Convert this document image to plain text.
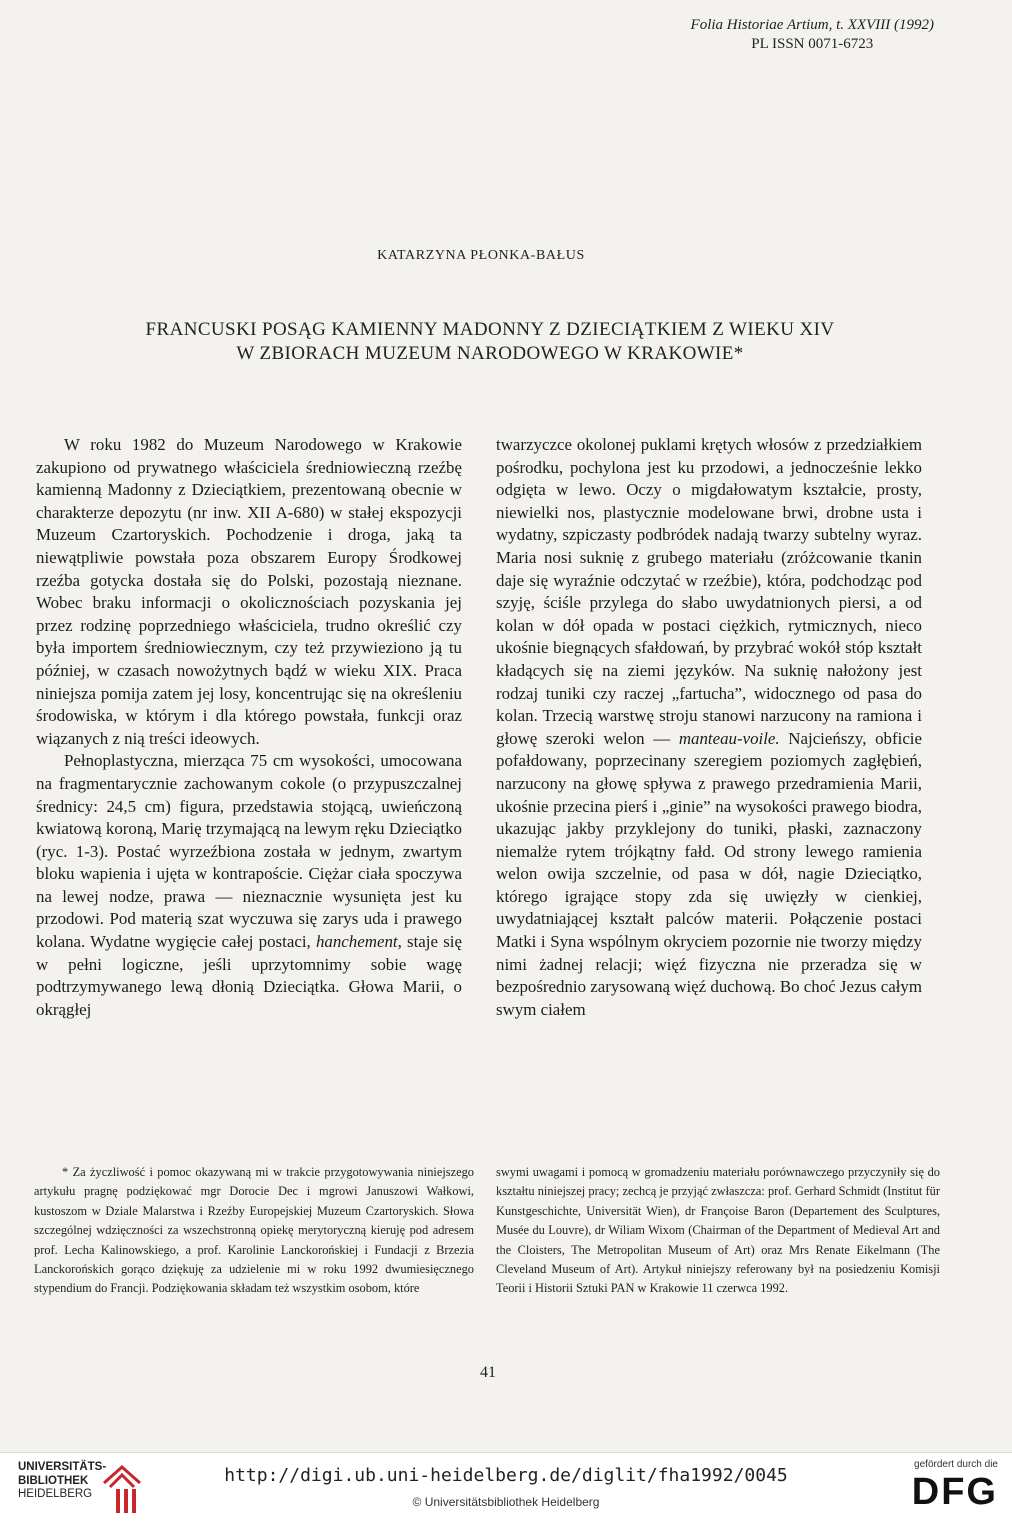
Folia Historiae Artium, t. XXVIII (1992)
PL ISSN 0071-6723
KATARZYNA PŁONKA-BAŁUS
FRANCUSKI POSĄG KAMIENNY MADONNY Z DZIECIĄTKIEM Z WIEKU XIV
W ZBIORACH MUZEUM NARODOWEGO W KRAKOWIE*

W roku 1982 do Muzeum Narodowego w Krakowie zakupiono od prywatnego właściciela średniowieczną rzeźbę kamienną Madonny z Dzieciątkiem, prezentowaną obecnie w charakterze depozytu (nr inw. XII A-680) w stałej ekspozycji Muzeum Czartoryskich. Pochodzenie i droga, jaką ta niewątpliwie powstała poza obszarem Europy Środkowej rzeźba gotycka dostała się do Polski, pozostają nieznane. Wobec braku informacji o okolicznościach pozyskania jej przez rodzinę poprzedniego właściciela, trudno określić czy była importem średniowiecznym, czy też przywieziono ją tu później, w czasach nowożytnych bądź w wieku XIX. Praca niniejsza pomija zatem jej losy, koncentrując się na określeniu środowiska, w którym i dla którego powstała, funkcji oraz wiązanych z nią treści ideowych.

Pełnoplastyczna, mierząca 75 cm wysokości, umocowana na fragmentarycznie zachowanym cokole (o przypuszczalnej średnicy: 24,5 cm) figura, przedstawia stojącą, uwieńczoną kwiatową koroną, Marię trzymającą na lewym ręku Dzieciątko (ryc. 1-3). Postać wyrzeźbiona została w jednym, zwartym bloku wapienia i ujęta w kontrapoście. Ciężar ciała spoczywa na lewej nodze, prawa — nieznacznie wysunięta jest ku przodowi. Pod materią szat wyczuwa się zarys uda i prawego kolana. Wydatne wygięcie całej postaci, hanchement, staje się w pełni logiczne, jeśli uprzytomnimy sobie wagę podtrzymywanego lewą dłonią Dzieciątka. Głowa Marii, o okrągłej

twarzyczce okolonej puklami krętych włosów z przedziałkiem pośrodku, pochylona jest ku przodowi, a jednocześnie lekko odgięta w lewo. Oczy o migdałowatym kształcie, prosty, niewielki nos, plastycznie modelowane brwi, drobne usta i wydatny, szpiczasty podbródek nadają twarzy subtelny wyraz. Maria nosi suknię z grubego materiału (zróżcowanie tkanin daje się wyraźnie odczytać w rzeźbie), która, podchodząc pod szyję, ściśle przylega do słabo uwydatnionych piersi, a od kolan w dół opada w postaci ciężkich, rytmicznych, nieco ukośnie biegnących sfałdowań, by przybrać wokół stóp kształt kładących się na ziemi języków. Na suknię nałożony jest rodzaj tuniki czy raczej „fartucha”, widocznego od pasa do kolan. Trzecią warstwę stroju stanowi narzucony na ramiona i głowę szeroki welon — manteau-voile. Najcieńszy, obficie pofałdowany, poprzecinany szeregiem poziomych zagłębień, narzucony na głowę spływa z prawego przedramienia Marii, ukośnie przecina pierś i „ginie” na wysokości prawego biodra, ukazując jakby przyklejony do tuniki, płaski, zaznaczony niemalże rytem trójkątny fałd. Od strony lewego ramienia welon owija szczelnie, od pasa w dół, nagie Dzieciątko, którego igrające stopy zda się uwięzły w cienkiej, uwydatniającej kształt palców materii. Połączenie postaci Matki i Syna wspólnym okryciem pozornie nie tworzy między nimi żadnej relacji; więź fizyczna nie przeradza się w bezpośrednio zarysowaną więź duchową. Bo choć Jezus całym swym ciałem

* Za życzliwość i pomoc okazywaną mi w trakcie przygotowywania niniejszego artykułu pragnę podziękować mgr Dorocie Dec i mgrowi Januszowi Wałkowi, kustoszom w Dziale Malarstwa i Rzeźby Europejskiej Muzeum Czartoryskich. Słowa szczególnej wdzięczności za wszechstronną opiekę merytoryczną kieruję pod adresem prof. Lecha Kalinowskiego, a prof. Karolinie Lanckorońskiej i Fundacji z Brzezia Lanckorońskich gorąco dziękuję za udzielenie mi w roku 1992 dwumiesięcznego stypendium do Francji. Podziękowania składam też wszystkim osobom, które

swymi uwagami i pomocą w gromadzeniu materiału porównawczego przyczyniły się do kształtu niniejszej pracy; zechcą je przyjąć zwłaszcza: prof. Gerhard Schmidt (Institut für Kunstgeschichte, Universität Wien), dr Françoise Baron (Departement des Sculptures, Musée du Louvre), dr Wiliam Wixom (Chairman of the Department of Medieval Art and the Cloisters, The Metropolitan Museum of Art) oraz Mrs Renate Eikelmann (The Cleveland Museum of Art). Artykuł niniejszy referowany był na posiedzeniu Komisji Teorii i Historii Sztuki PAN w Krakowie 11 czerwca 1992.

41
UNIVERSITÄTS-
BIBLIOTHEK
HEIDELBERG
http://digi.ub.uni-heidelberg.de/diglit/fha1992/0045
© Universitätsbibliothek Heidelberg
gefördert durch die
DFG
